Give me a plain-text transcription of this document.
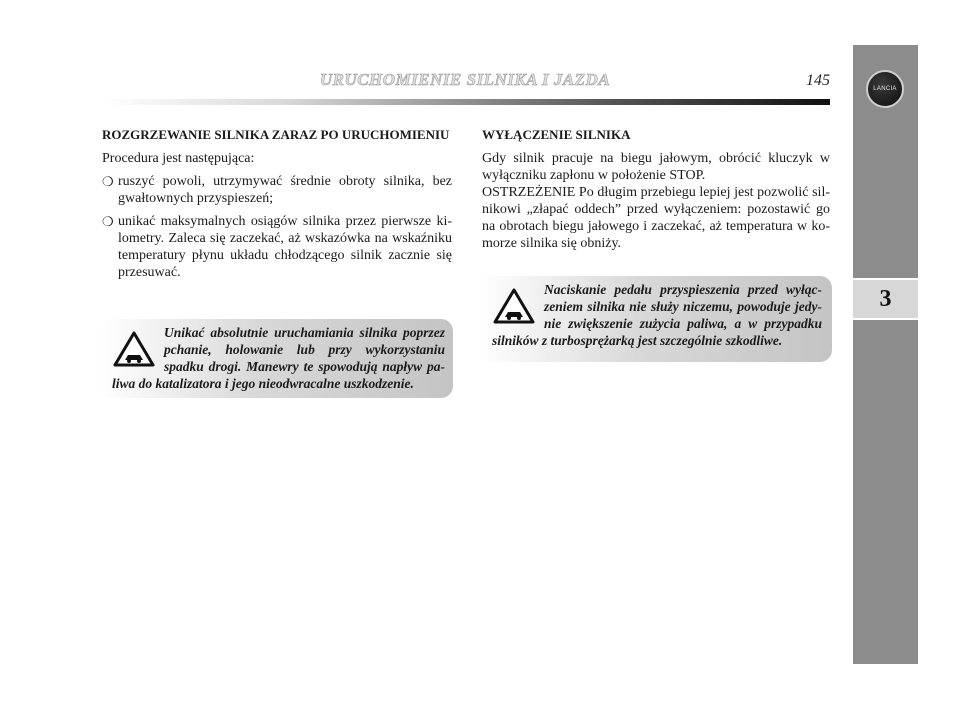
LANCIA
3
URUCHOMIENIE SILNIKA I JAZDA	145
ROZGRZEWANIE SILNIKA ZARAZ PO URUCHOMIENIU

Procedura jest następująca:

❍ ruszyć powoli, utrzymywać średnie obroty silnika, bez gwałtownych przyspieszeń;
❍ unikać maksymalnych osiągów silnika przez pierwsze ki-lometry. Zaleca się zaczekać, aż wskazówka na wskaźniku temperatury płynu układu chłodzącego silnik zacznie się przesuwać.
Unikać absolutnie uruchamiania silnika poprzez pchanie, holowanie lub przy wykorzystaniu spadku drogi. Manewry te spowodują napływ pa-liwa do katalizatora i jego nieodwracalne uszkodzenie.
WYŁĄCZENIE SILNIKA

Gdy silnik pracuje na biegu jałowym, obrócić kluczyk w wyłączniku zapłonu w położenie STOP.

OSTRZEŻENIE Po długim przebiegu lepiej jest pozwolić sil-nikowi „złapać oddech” przed wyłączeniem: pozostawić go na obrotach biegu jałowego i zaczekać, aż temperatura w ko-morze silnika się obniży.

Naciskanie pedału przyspieszenia przed wyłąc-zeniem silnika nie służy niczemu, powoduje jedy-nie zwiększenie zużycia paliwa, a w przypadku silników z turbosprężarką jest szczególnie szkodliwe.
